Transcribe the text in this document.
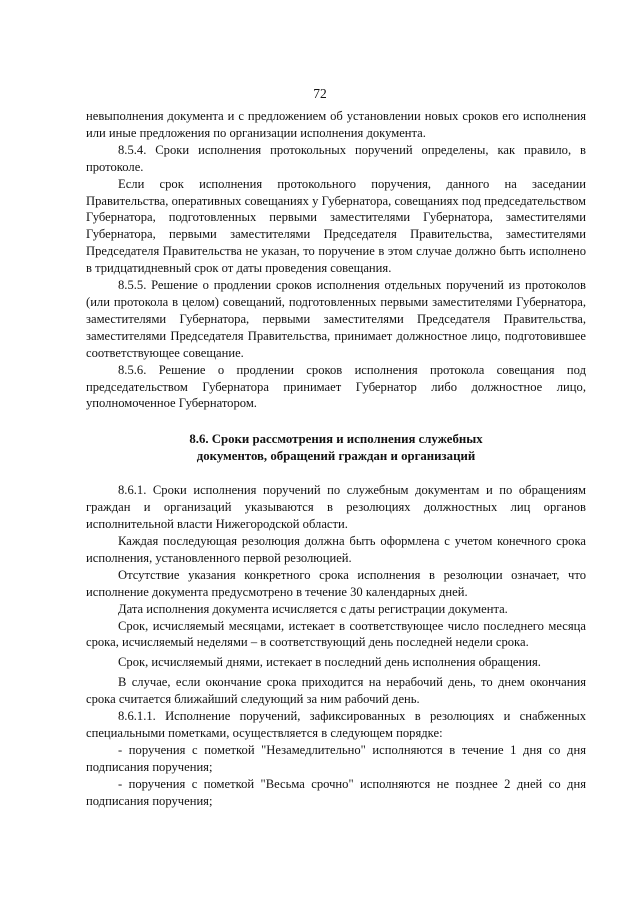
72

невыполнения документа и с предложением об установлении новых сроков его исполнения или иные предложения по организации исполнения документа.

8.5.4. Сроки исполнения протокольных поручений определены, как правило, в протоколе.

Если срок исполнения протокольного поручения, данного на заседании Правительства, оперативных совещаниях у Губернатора, совещаниях под председательством Губернатора, подготовленных первыми заместителями Губернатора, заместителями Губернатора, первыми заместителями Председателя Правительства, заместителями Председателя Правительства не указан, то поручение в этом случае должно быть исполнено в тридцатидневный срок от даты проведения совещания.

8.5.5. Решение о продлении сроков исполнения отдельных поручений из протоколов (или протокола в целом) совещаний, подготовленных первыми заместителями Губернатора, заместителями Губернатора, первыми заместителями Председателя Правительства, заместителями Председателя Правительства, принимает должностное лицо, подготовившее соответствующее совещание.

8.5.6. Решение о продлении сроков исполнения протокола совещания под председательством Губернатора принимает Губернатор либо должностное лицо, уполномоченное Губернатором.

8.6. Сроки рассмотрения и исполнения служебных
документов, обращений граждан и организаций

8.6.1. Сроки исполнения поручений по служебным документам и по обращениям граждан и организаций указываются в резолюциях должностных лиц органов исполнительной власти Нижегородской области.

Каждая последующая резолюция должна быть оформлена с учетом конечного срока исполнения, установленного первой резолюцией.

Отсутствие указания конкретного срока исполнения в резолюции означает, что исполнение документа предусмотрено в течение 30 календарных дней.

Дата исполнения документа исчисляется с даты регистрации документа.

Срок, исчисляемый месяцами, истекает в соответствующее число последнего месяца срока, исчисляемый неделями – в соответствующий день последней недели срока.

Срок, исчисляемый днями, истекает в последний день исполнения обращения.

В случае, если окончание срока приходится на нерабочий день, то днем окончания срока считается ближайший следующий за ним рабочий день.

8.6.1.1. Исполнение поручений, зафиксированных в резолюциях и снабженных специальными пометками, осуществляется в следующем порядке:

- поручения с пометкой "Незамедлительно" исполняются в течение 1 дня со дня подписания поручения;

- поручения с пометкой "Весьма срочно" исполняются не позднее 2 дней со дня подписания поручения;
